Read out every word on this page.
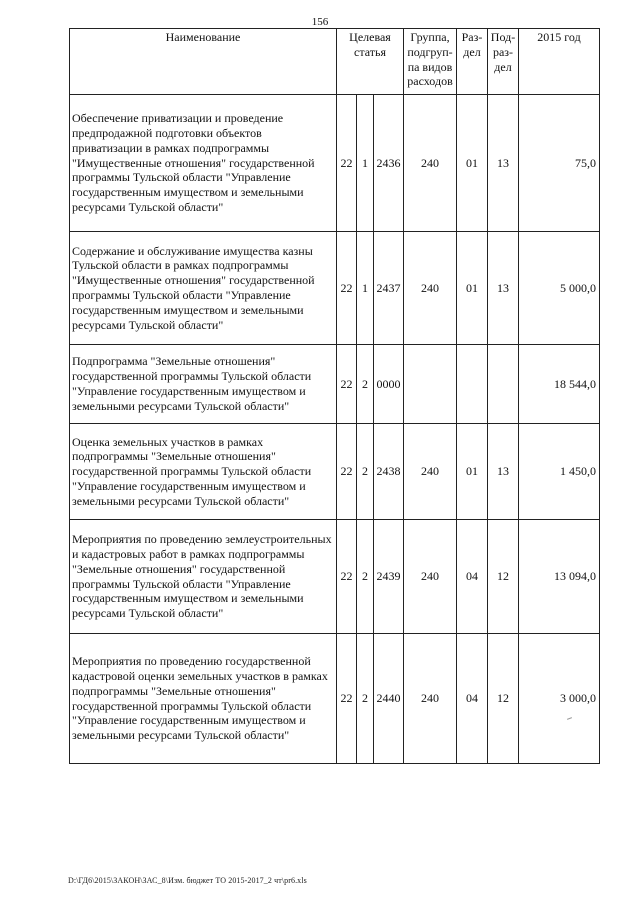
156
Наименование	Целевая статья			Группа, подгруп-па видов расходов	Раз-дел	Под-раз-дел	2015 год
Обеспечение приватизации и проведение предпродажной подготовки объектов приватизации в рамках подпрограммы "Имущественные отношения" государственной программы Тульской области "Управление государственным имуществом и земельными ресурсами Тульской области"	22	1	2436	240	01	13	75,0
Содержание и обслуживание имущества казны Тульской области в рамках подпрограммы "Имущественные отношения" государственной программы Тульской области "Управление государственным имуществом и земельными ресурсами Тульской области"	22	1	2437	240	01	13	5 000,0
Подпрограмма "Земельные отношения" государственной программы Тульской области "Управление государственным имуществом и земельными ресурсами Тульской области"	22	2	0000				18 544,0
Оценка земельных участков в рамках подпрограммы "Земельные отношения" государственной программы Тульской области "Управление государственным имуществом и земельными ресурсами Тульской области"	22	2	2438	240	01	13	1 450,0
Мероприятия по проведению землеустроительных и кадастровых работ в рамках подпрограммы "Земельные отношения" государственной программы Тульской области "Управление государственным имуществом и земельными ресурсами Тульской области"	22	2	2439	240	04	12	13 094,0
Мероприятия по проведению государственной кадастровой оценки земельных участков в рамках подпрограммы "Земельные отношения" государственной программы Тульской области "Управление государственным имуществом и земельными ресурсами Тульской области"	22	2	2440	240	04	12	3 000,0
D:\ГД6\2015\ЗАКОН\ЗАС_8\Изм. бюджет ТО 2015-2017_2 чт\pr6.xls
